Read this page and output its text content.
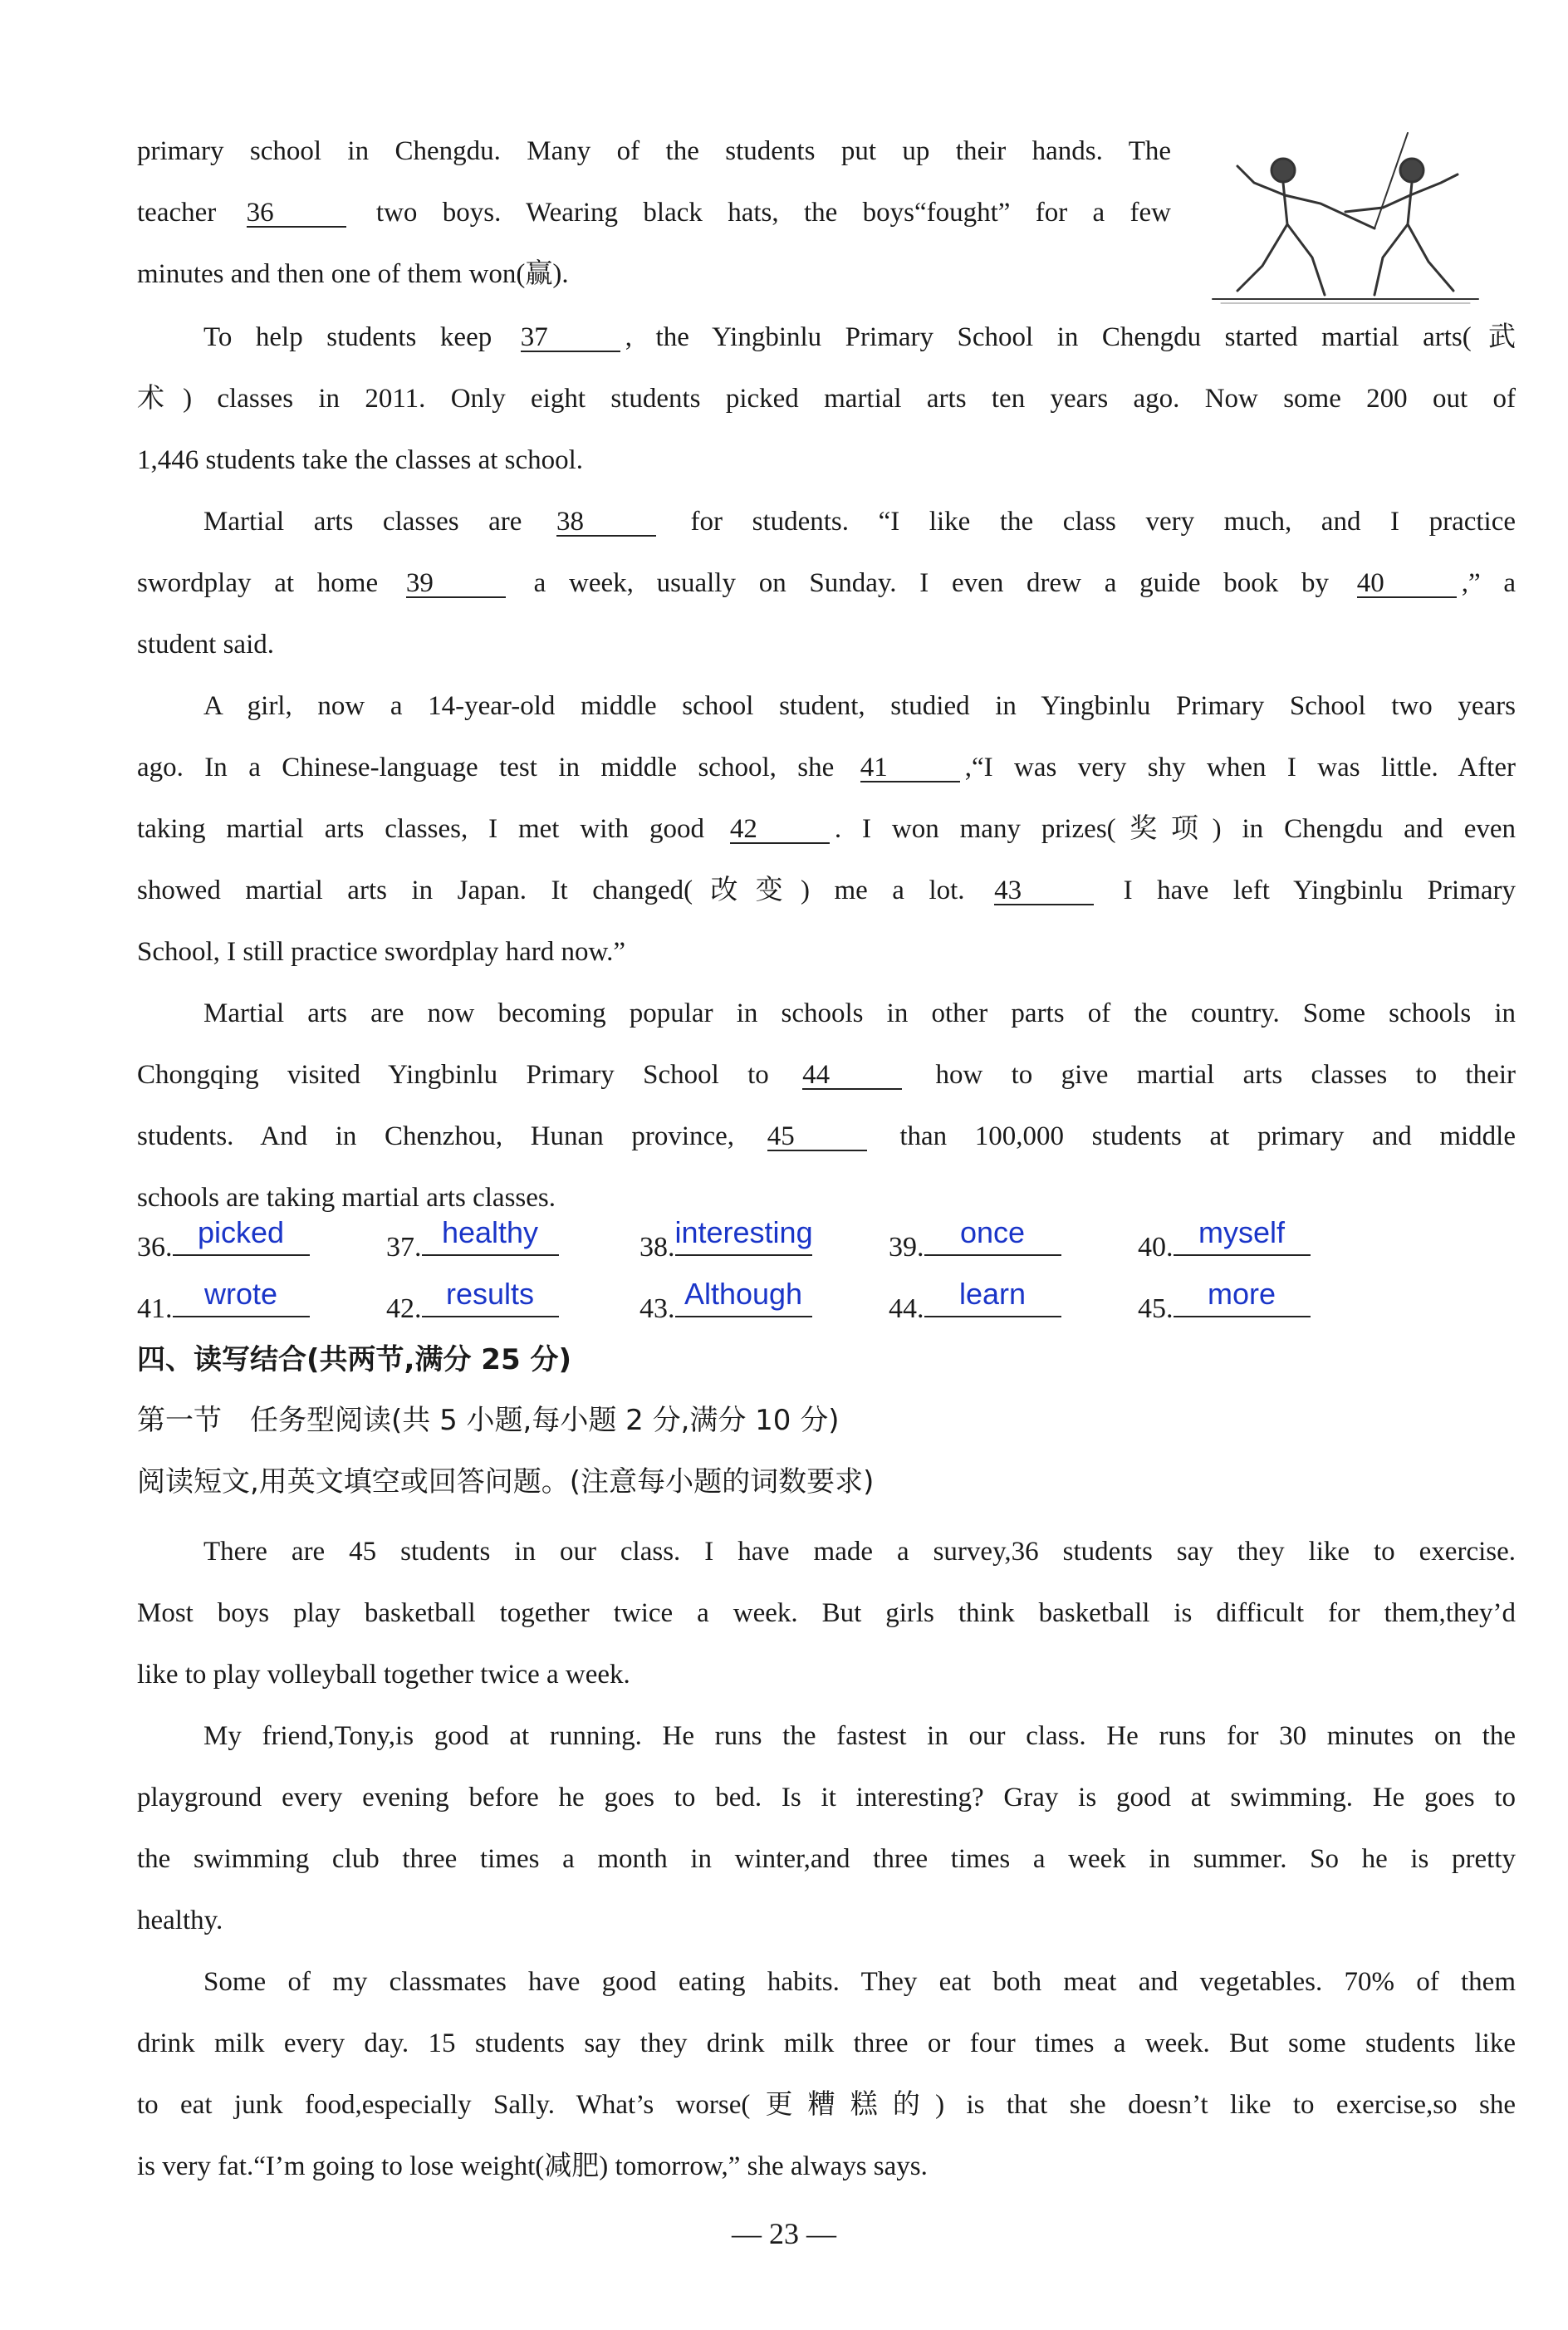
primary school in Chengdu. Many of the students put up their hands. The
teacher 36	two boys. Wearing black hats, the boys“fought” for a few
minutes and then one of them won(赢).
To help students keep 37	, the Yingbinlu Primary School in Chengdu started martial arts(武
术) classes in 2011. Only eight students picked martial arts ten years ago. Now some 200 out of
1,446 students take the classes at school.
Martial arts classes are 38	for students. “I like the class very much, and I practice
swordplay at home 39	a week, usually on Sunday. I even drew a guide book by 40	,” a
student said.
A girl, now a 14-year-old middle school student, studied in Yingbinlu Primary School two years
ago. In a Chinese-language test in middle school, she 41	,“I was very shy when I was little. After
taking martial arts classes, I met with good 42	. I won many prizes(奖项) in Chengdu and even
showed martial arts in Japan. It changed(改变) me a lot. 43	I have left Yingbinlu Primary
School, I still practice swordplay hard now.”
Martial arts are now becoming popular in schools in other parts of the country. Some schools in
Chongqing visited Yingbinlu Primary School to 44	how to give martial arts classes to their
students. And in Chenzhou, Hunan province, 45	than 100,000 students at primary and middle
schools are taking martial arts classes.
36. picked	37. healthy	38. interesting	39.	once	40. myself
41.	wrote	42. results	43. Although	44.	learn	45.	more
四、读写结合(共两节,满分 25 分)
第一节　任务型阅读(共 5 小题,每小题 2 分,满分 10 分)
阅读短文,用英文填空或回答问题。(注意每小题的词数要求)
There are 45 students in our class. I have made a survey,36 students say they like to exercise.
Most boys play basketball together twice a week. But girls think basketball is difficult for them,they’d
like to play volleyball together twice a week.
My friend,Tony,is good at running. He runs the fastest in our class. He runs for 30 minutes on the
playground every evening before he goes to bed. Is it interesting? Gray is good at swimming. He goes to
the swimming club three times a month in winter,and three times a week in summer. So he is pretty
healthy.
Some of my classmates have good eating habits. They eat both meat and vegetables. 70% of them
drink milk every day. 15 students say they drink milk three or four times a week. But some students like
to eat junk food,especially Sally. What’s worse(更糟糕的) is that she doesn’t like to exercise,so she
is very fat.“I’m going to lose weight(减肥) tomorrow,” she always says.
— 23 —
